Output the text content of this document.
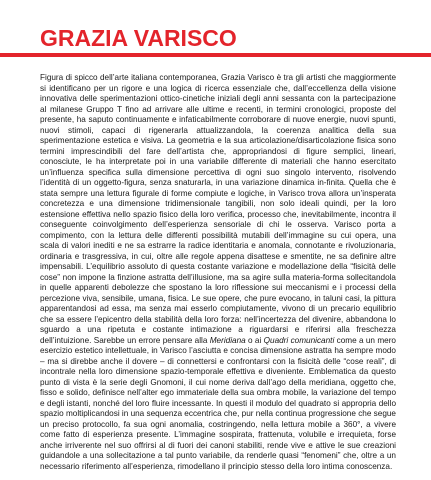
GRAZIA VARISCO

Figura di spicco dell’arte italiana contemporanea, Grazia Varisco è tra gli artisti che maggiormente si identificano per un rigore e una logica di ricerca essenziale che, dall’eccellenza della visione innovativa delle sperimentazioni ottico-cinetiche iniziali degli anni sessanta con la partecipazione al milanese Gruppo T fino ad arrivare alle ultime e recenti, in termini cronologici, proposte del presente, ha saputo continuamente e infaticabilmente corroborare di nuove energie, nuovi spunti, nuovi stimoli, capaci di rigenerarla attualizzandola, la coerenza analitica della sua sperimentazione estetica e visiva. La geometria e la sua articolazione/disarticolazione fisica sono termini imprescindibili del fare dell’artista che, appropriandosi di figure semplici, lineari, conosciute, le ha interpretate poi in una variabile differente di materiali che hanno esercitato un’influenza specifica sulla dimensione percettiva di ogni suo singolo intervento, risolvendo l’identità di un oggetto-figura, senza snaturarla, in una variazione dinamica in-finita. Quella che è stata sempre una lettura figurale di forme compiute e logiche, in Varisco trova allora un’insperata concretezza e una dimensione tridimensionale tangibili, non solo ideali quindi, per la loro estensione effettiva nello spazio fisico della loro verifica, processo che, inevitabilmente, incontra il conseguente coinvolgimento dell’esperienza sensoriale di chi le osserva. Varisco porta a compimento, con la lettura delle differenti possibilità mutabili dell’immagine su cui opera, una scala di valori inediti e ne sa estrarre la radice identitaria e anomala, connotante e rivoluzionaria, ordinaria e trasgressiva, in cui, oltre alle regole appena disattese e smentite, ne sa definire altre impensabili. L’equilibrio assoluto di questa costante variazione e modellazione della “fisicità delle cose” non impone la finzione astratta dell’illusione, ma sa agire sulla materia-forma sollecitandola in quelle apparenti debolezze che spostano la loro riflessione sui meccanismi e i processi della percezione viva, sensibile, umana, fisica. Le sue opere, che pure evocano, in taluni casi, la pittura apparentandosi ad essa, ma senza mai esserlo compiutamente, vivono di un precario equilibrio che sa essere l’epicentro della stabilità della loro forza: nell’incertezza del divenire, abbandona lo sguardo a una ripetuta e costante intimazione a riguardarsi e riferirsi alla freschezza dell’intuizione. Sarebbe un errore pensare alla Meridiana o ai Quadri comunicanti come a un mero esercizio estetico intellettuale, in Varisco l’asciutta e concisa dimensione astratta ha sempre modo – ma si direbbe anche il dovere – di connettersi e confrontarsi con la fisicità delle “cose reali”, di incontrale nella loro dimensione spazio-temporale effettiva e diveniente. Emblematica da questo punto di vista è la serie degli Gnomoni, il cui nome deriva dall’ago della meridiana, oggetto che, fisso e solido, definisce nell’alter ego immateriale della sua ombra mobile, la variazione del tempo e degli istanti, nonché del loro fluire incessante. In questi il modulo del quadrato si appropria dello spazio moltiplicandosi in una sequenza eccentrica che, pur nella continua progressione che segue un preciso protocollo, fa sua ogni anomalia, costringendo, nella lettura mobile a 360°, a vivere come fatto di esperienza presente. L’immagine sospirata, frattenuta, volubile e irrequieta, forse anche irriverente nel suo offrirsi al di fuori dei canoni stabiliti, rende vive e attive le sue creazioni guidandole a una sollecitazione a tal punto variabile, da renderle quasi “fenomeni” che, oltre a un necessario riferimento all’esperienza, rimodellano il principio stesso della loro intima conoscenza.
